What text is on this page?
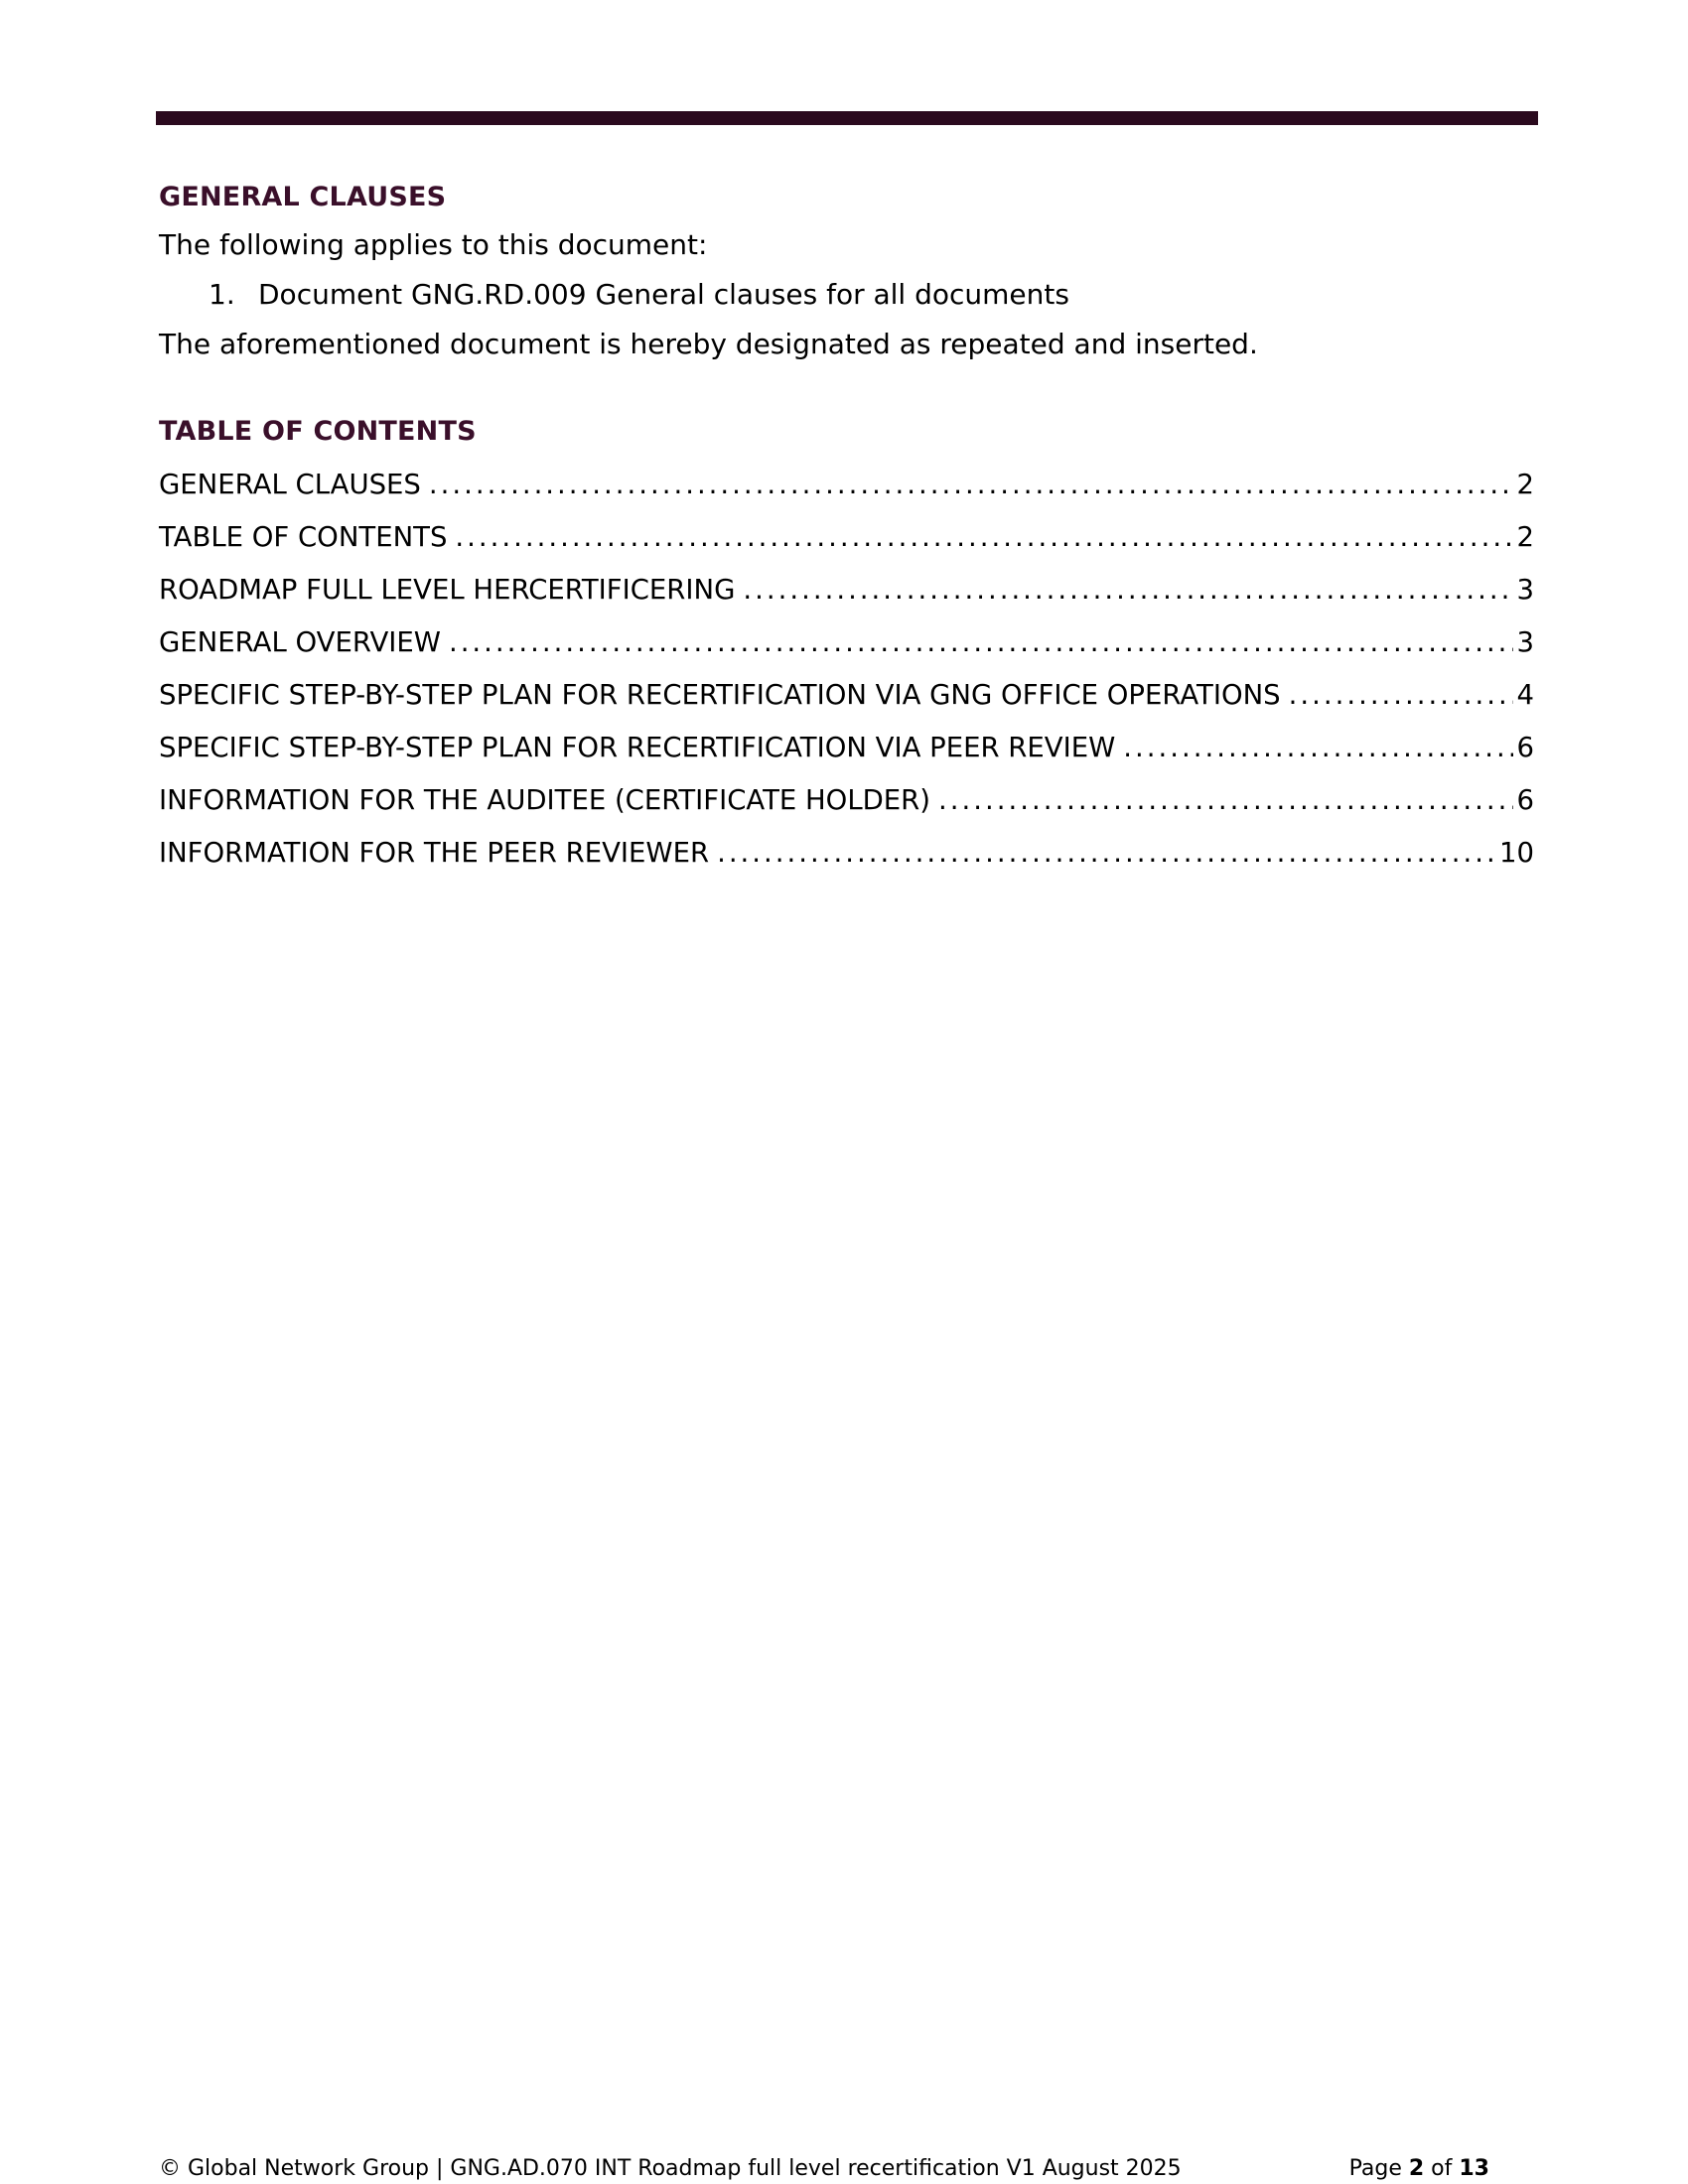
GENERAL CLAUSES

The following applies to this document:

1. Document GNG.RD.009 General clauses for all documents

The aforementioned document is hereby designated as repeated and inserted.

TABLE OF CONTENTS
GENERAL CLAUSES .....	2
TABLE OF CONTENTS .....	2
ROADMAP FULL LEVEL HERCERTIFICERING .....	3
GENERAL OVERVIEW .....	3
SPECIFIC STEP-BY-STEP PLAN FOR RECERTIFICATION VIA GNG OFFICE OPERATIONS .....	4
SPECIFIC STEP-BY-STEP PLAN FOR RECERTIFICATION VIA PEER REVIEW .....	6
INFORMATION FOR THE AUDITEE (CERTIFICATE HOLDER) .....	6
INFORMATION FOR THE PEER REVIEWER .....	10
© Global Network Group | GNG.AD.070 INT Roadmap full level recertification V1 August 2025	Page 2 of 13
